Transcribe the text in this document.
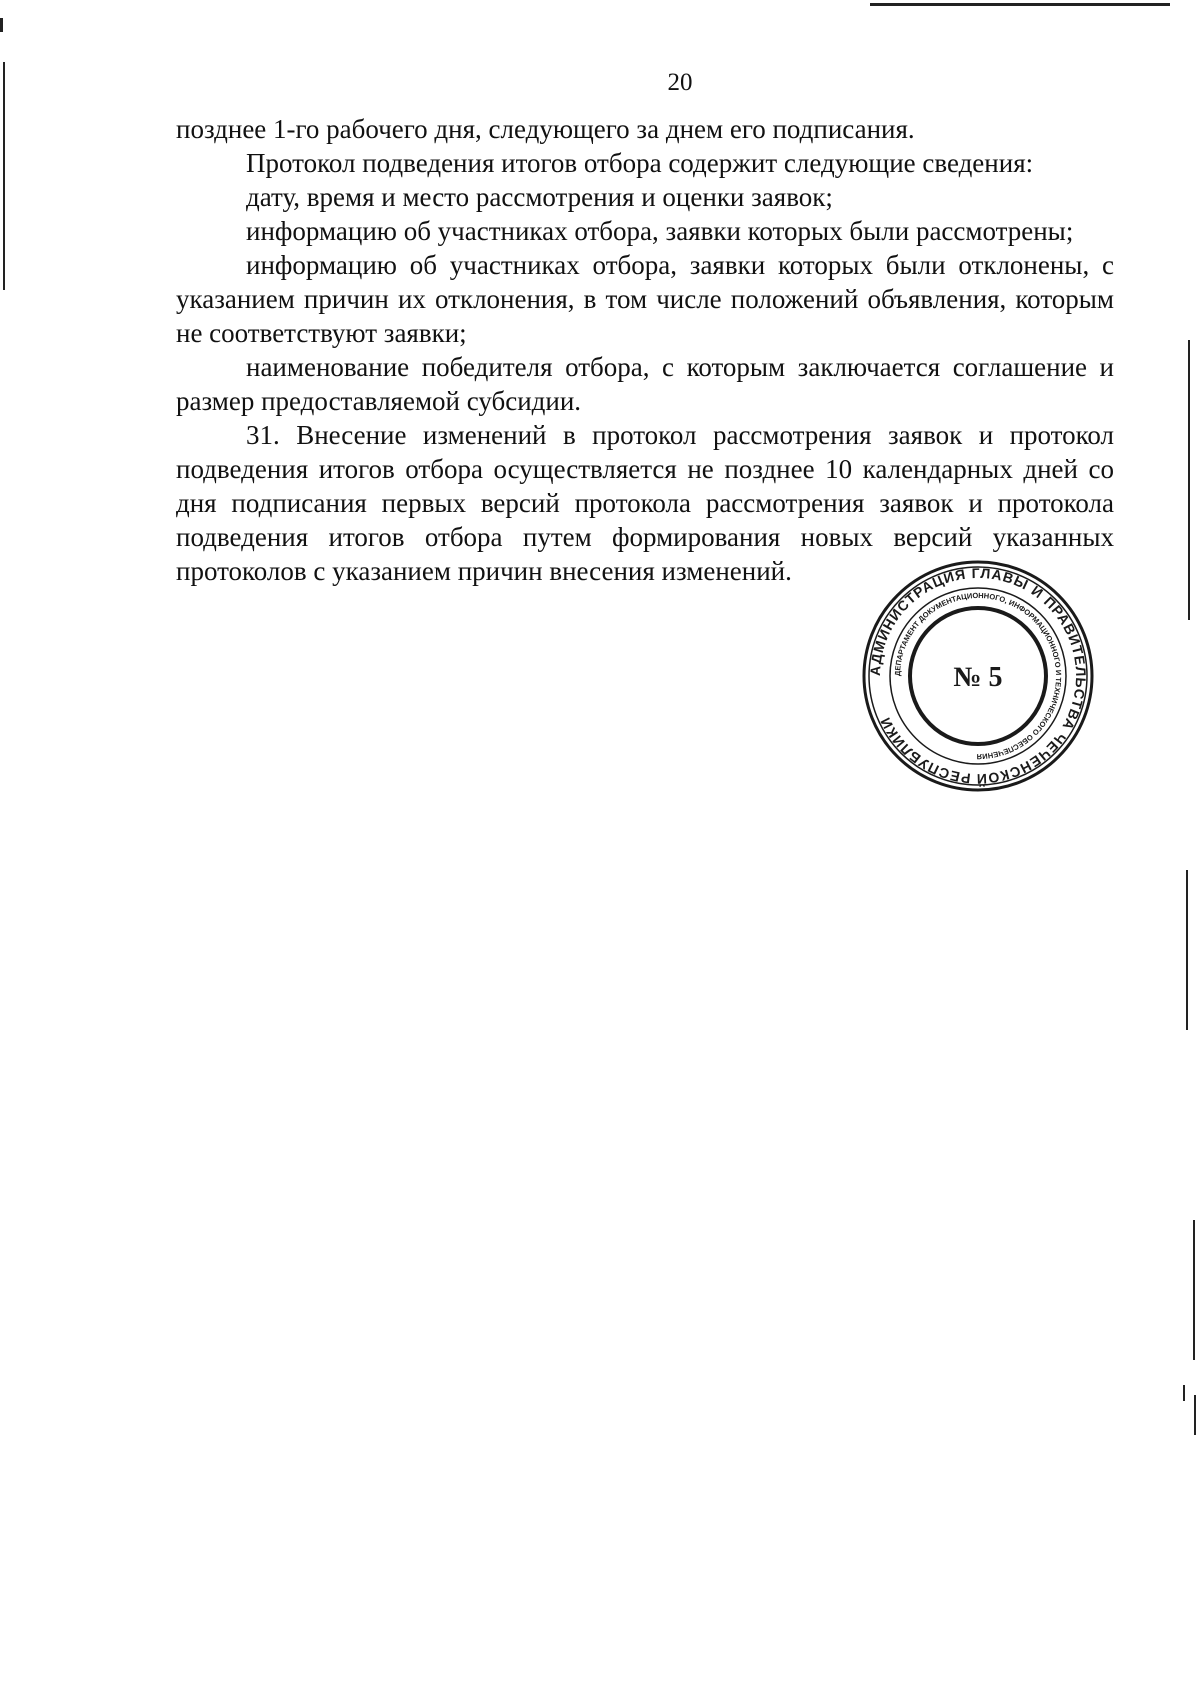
20

позднее 1-го рабочего дня, следующего за днем его подписания.

Протокол подведения итогов отбора содержит следующие сведения:

дату, время и место рассмотрения и оценки заявок;

информацию об участниках отбора, заявки которых были рассмотрены;

информацию об участниках отбора, заявки которых были отклонены, с указанием причин их отклонения, в том числе положений объявления, которым не соответствуют заявки;

наименование победителя отбора, с которым заключается соглашение и размер предоставляемой субсидии.

31. Внесение изменений в протокол рассмотрения заявок и протокол подведения итогов отбора осуществляется не позднее 10 календарных дней со дня подписания первых версий протокола рассмотрения заявок и протокола подведения итогов отбора путем формирования новых версий указанных протоколов с указанием причин внесения изменений.

АДМИНИСТРАЦИЯ ГЛАВЫ И ПРАВИТЕЛЬСТВА ЧЕЧЕНСКОЙ РЕСПУБЛИКИ
ДЕПАРТАМЕНТ ДОКУМЕНТАЦИОННОГО, ИНФОРМАЦИОННОГО И ТЕХНИЧЕСКОГО ОБЕСПЕЧЕНИЯ
№ 5
